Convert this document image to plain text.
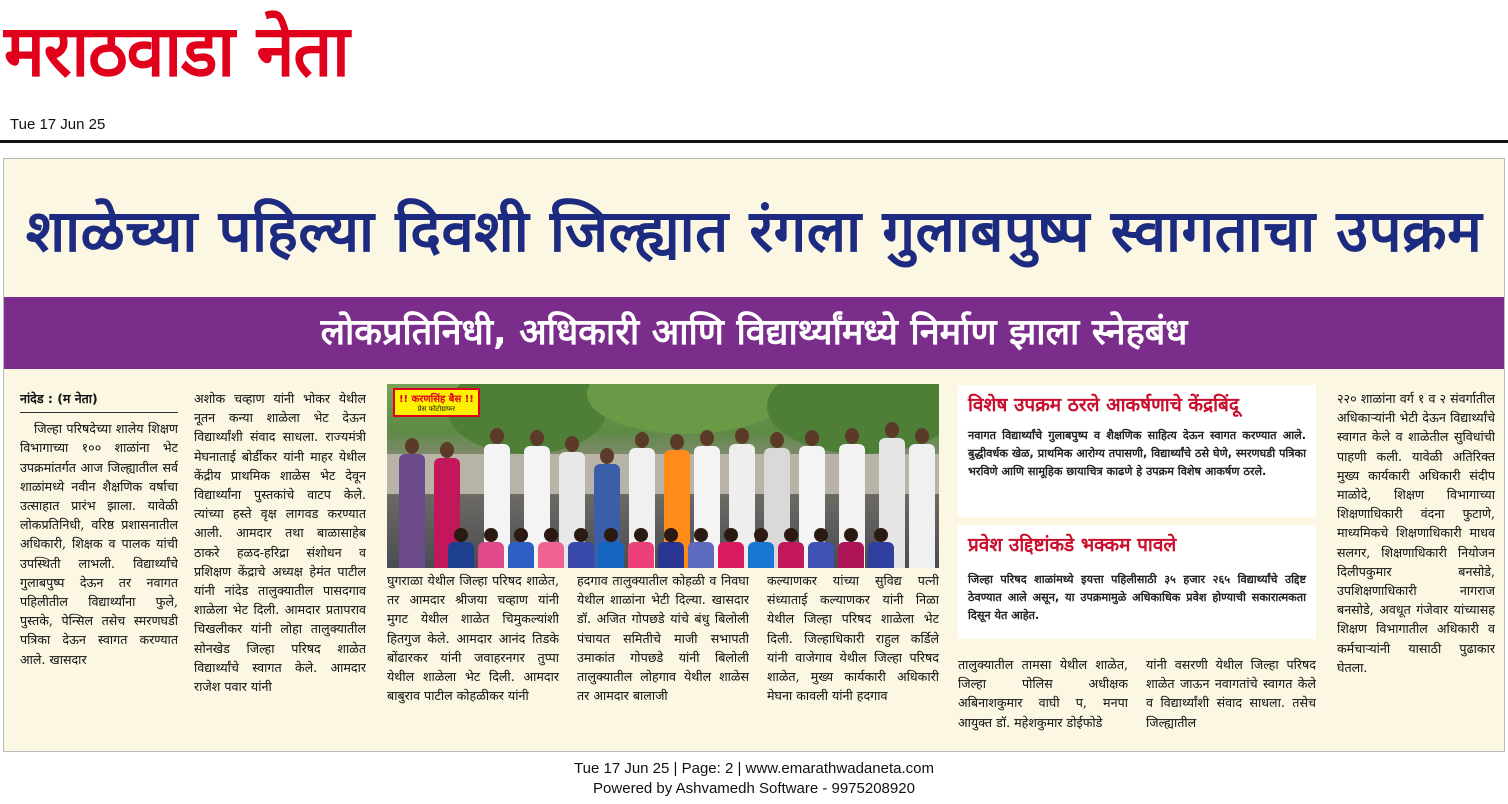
मराठवाडा नेता
Tue 17 Jun 25
शाळेच्या पहिल्या दिवशी जिल्ह्यात रंगला गुलाबपुष्प स्वागताचा उपक्रम
लोकप्रतिनिधी, अधिकारी आणि विद्यार्थ्यांमध्ये निर्माण झाला स्नेहबंध
नांदेड : (म नेता)

जिल्हा परिषदेच्या शालेय शिक्षण विभागाच्या १०० शाळांना भेट उपक्रमांतर्गत आज जिल्ह्यातील सर्व शाळांमध्ये नवीन शैक्षणिक वर्षाचा उत्साहात प्रारंभ झाला. यावेळी लोकप्रतिनिधी, वरिष्ठ प्रशासनातील अधिकारी, शिक्षक व पालक यांची उपस्थिती लाभली. विद्यार्थ्यांचे गुलाबपुष्प देऊन तर नवागत पहिलीतील विद्यार्थ्यांना फुले, पुस्तके, पेन्सिल तसेच स्मरणघडी पत्रिका देऊन स्वागत करण्यात आले. खासदार

अशोक चव्हाण यांनी भोकर येथील नूतन कन्या शाळेला भेट देऊन विद्यार्थ्यांशी संवाद साधला. राज्यमंत्री मेघनाताई बोर्डीकर यांनी माहर येथील केंद्रीय प्राथमिक शाळेस भेट देवून विद्यार्थ्यांना पुस्तकांचे वाटप केले. त्यांच्या हस्ते वृक्ष लागवड करण्यात आली. आमदार तथा बाळासाहेब ठाकरे हळद-हरिद्रा संशोधन व प्रशिक्षण केंद्राचे अध्यक्ष हेमंत पाटील यांनी नांदेड तालुक्यातील पासदगाव शाळेला भेट दिली. आमदार प्रतापराव चिखलीकर यांनी लोहा तालुक्यातील सोनखेड जिल्हा परिषद शाळेत विद्यार्थ्यांचे स्वागत केले. आमदार राजेश पवार यांनी

!! करणसिंह बैस !!
प्रेस फोटोग्राफर

घुगराळा येथील जिल्हा परिषद शाळेत, तर आमदार श्रीजया चव्हाण यांनी मुगट येथील शाळेत चिमुकल्यांशी हितगुज केले. आमदार आनंद तिडके बोंढारकर यांनी जवाहरनगर तुप्पा येथील शाळेला भेट दिली. आमदार बाबुराव पाटील कोहळीकर यांनी

हदगाव तालुक्यातील कोहळी व निवघा येथील शाळांना भेटी दिल्या. खासदार डॉ. अजित गोपछडे यांचे बंधु बिलोली पंचायत समितीचे माजी सभापती उमाकांत गोपछडे यांनी बिलोली तालुक्यातील लोहगाव येथील शाळेस तर आमदार बालाजी

कल्याणकर यांच्या सुविद्य पत्नी संध्याताई कल्याणकर यांनी निळा येथील जिल्हा परिषद शाळेला भेट दिली. जिल्हाधिकारी राहुल कर्डिले यांनी वाजेगाव येथील जिल्हा परिषद शाळेत, मुख्य कार्यकारी अधिकारी मेघना कावली यांनी हदगाव

विशेष उपक्रम ठरले आकर्षणाचे केंद्रबिंदू
नवागत विद्यार्थ्यांचे गुलाबपुष्प व शैक्षणिक साहित्य देऊन स्वागत करण्यात आले. बुद्धीवर्धक खेळ, प्राथमिक आरोग्य तपासणी, विद्यार्थ्यांचे ठसे घेणे, स्मरणघडी पत्रिका भरविणे आणि सामूहिक छायाचित्र काढणे हे उपक्रम विशेष आकर्षण ठरले.
प्रवेश उद्दिष्टांकडे भक्कम पावले
जिल्हा परिषद शाळांमध्ये इयत्ता पहिलीसाठी ३५ हजार २६५ विद्यार्थ्यांचे उद्दिष्ट ठेवण्यात आले असून, या उपक्रमामुळे अधिकाधिक प्रवेश होण्याची सकारात्मकता दिसून येत आहेत.

तालुक्यातील तामसा येथील शाळेत, जिल्हा पोलिस अधीक्षक अबिनाशकुमार वाघी प, मनपा आयुक्त डॉ. महेशकुमार डोईफोडे

यांनी वसरणी येथील जिल्हा परिषद शाळेत जाऊन नवागतांचे स्वागत केले व विद्यार्थ्यांशी संवाद साधला. तसेच जिल्ह्यातील

२२० शाळांना वर्ग १ व २ संवर्गातील अधिकाऱ्यांनी भेटी देऊन विद्यार्थ्यांचे स्वागत केले व शाळेतील सुविधांची पाहणी कली. यावेळी अतिरिक्त मुख्य कार्यकारी अधिकारी संदीप माळोदे, शिक्षण विभागाच्या शिक्षणाधिकारी वंदना फुटाणे, माध्यमिकचे शिक्षणाधिकारी माधव सलगर, शिक्षणाधिकारी नियोजन दिलीपकुमार बनसोडे, उपशिक्षणाधिकारी नागराज बनसोडे, अवधूत गंजेवार यांच्यासह शिक्षण विभागातील अधिकारी व कर्मचाऱ्यांनी यासाठी पुढाकार घेतला.

Tue 17 Jun 25 | Page: 2 | www.emarathwadaneta.com
Powered by Ashvamedh Software - 9975208920
